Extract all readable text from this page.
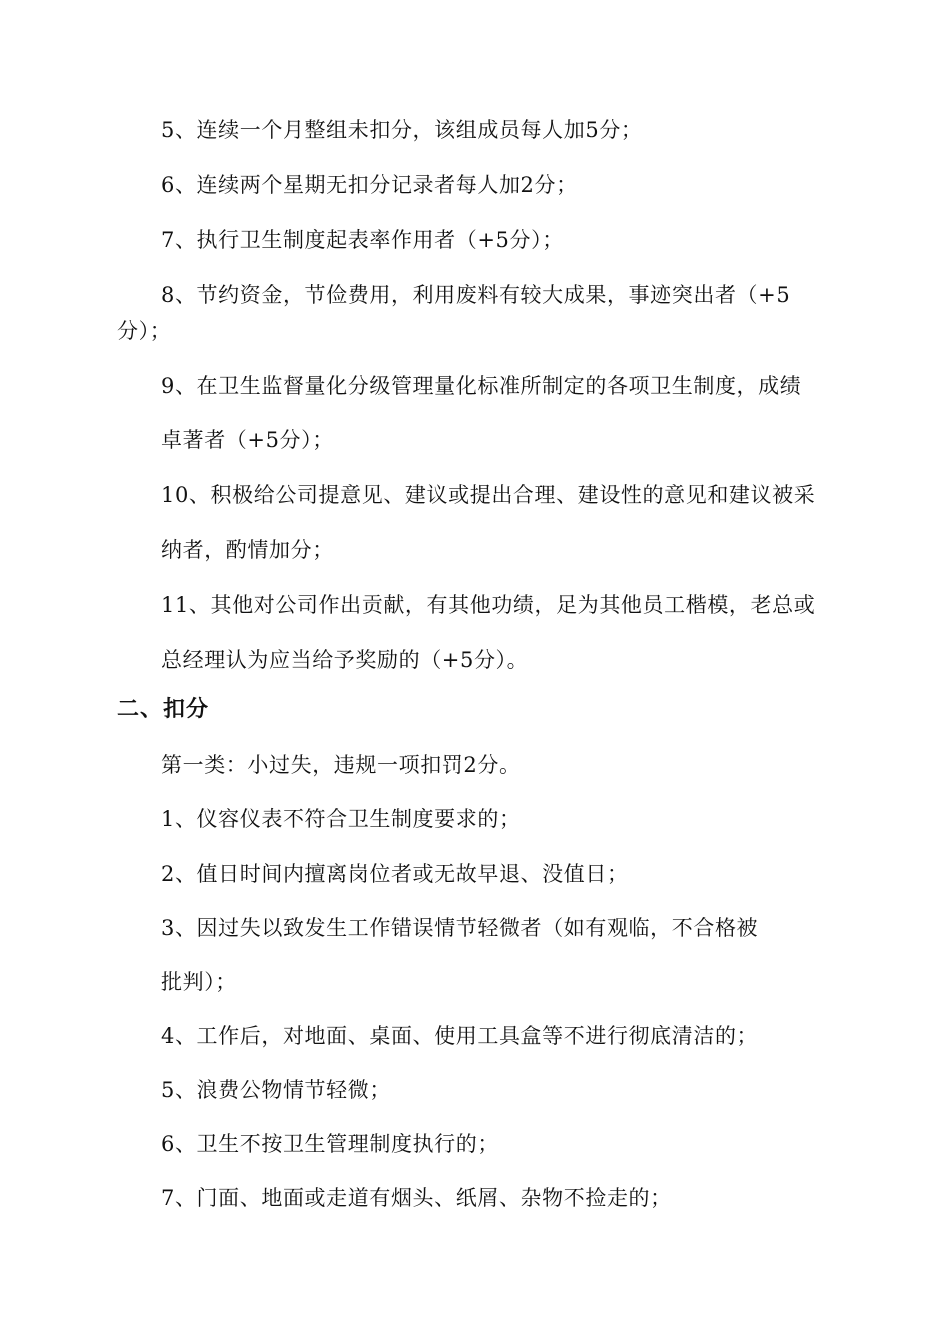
5、连续一个月整组未扣分，该组成员每人加5分；

6、连续两个星期无扣分记录者每人加2分；

7、执行卫生制度起表率作用者（+5分）；

8、节约资金，节俭费用，利用废料有较大成果，事迹突出者（+5

分）；

9、在卫生监督量化分级管理量化标准所制定的各项卫生制度，成绩

卓著者（+5分）；

10、积极给公司提意见、建议或提出合理、建设性的意见和建议被采

纳者，酌情加分；

11、其他对公司作出贡献，有其他功绩，足为其他员工楷模，老总或

总经理认为应当给予奖励的（+5分）。

二、扣分

第一类：小过失，违规一项扣罚2分。

1、仪容仪表不符合卫生制度要求的；

2、值日时间内擅离岗位者或无故早退、没值日；

3、因过失以致发生工作错误情节轻微者（如有观临，不合格被

批判）；

4、工作后，对地面、桌面、使用工具盒等不进行彻底清洁的；

5、浪费公物情节轻微；

6、卫生不按卫生管理制度执行的；

7、门面、地面或走道有烟头、纸屑、杂物不捡走的；
